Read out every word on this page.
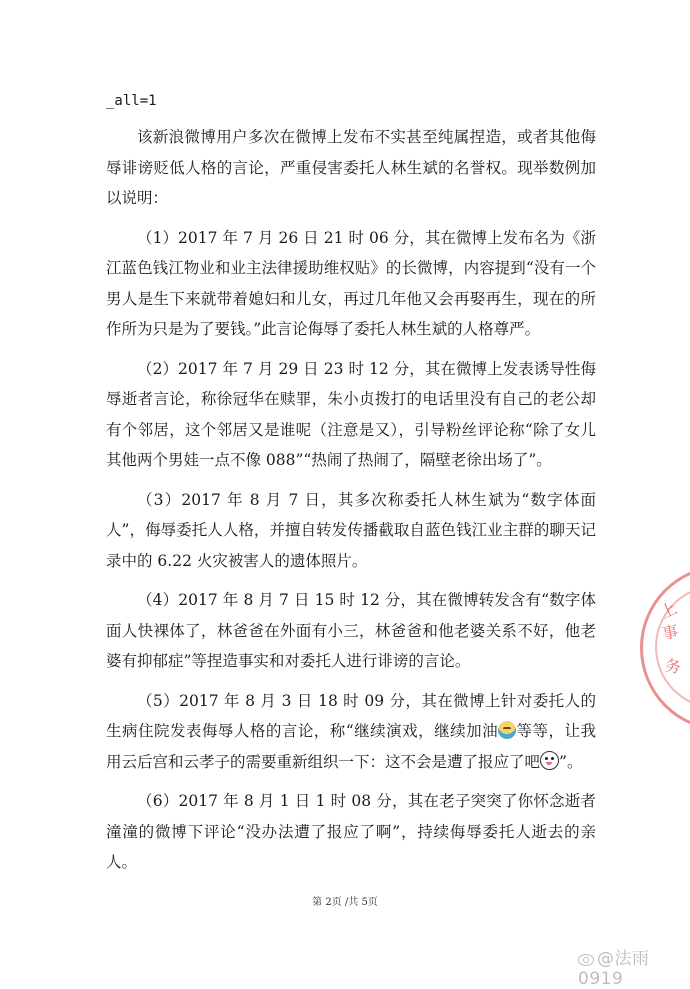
_all=1

该新浪微博用户多次在微博上发布不实甚至纯属捏造，或者其他侮辱诽谤贬低人格的言论，严重侵害委托人林生斌的名誉权。现举数例加以说明：

（1）2017 年 7 月 26 日 21 时 06 分，其在微博上发布名为《浙江蓝色钱江物业和业主法律援助维权贴》的长微博，内容提到“没有一个男人是生下来就带着媳妇和儿女，再过几年他又会再娶再生，现在的所作所为只是为了要钱。”此言论侮辱了委托人林生斌的人格尊严。

（2）2017 年 7 月 29 日 23 时 12 分，其在微博上发表诱导性侮辱逝者言论，称徐冠华在赎罪，朱小贞拨打的电话里没有自己的老公却有个邻居，这个邻居又是谁呢（注意是又），引导粉丝评论称“除了女儿其他两个男娃一点不像 088”“热闹了热闹了，隔壁老徐出场了”。

（3）2017 年 8 月 7 日，其多次称委托人林生斌为“数字体面人”，侮辱委托人人格，并擅自转发传播截取自蓝色钱江业主群的聊天记录中的 6.22 火灾被害人的遗体照片。

（4）2017 年 8 月 7 日 15 时 12 分，其在微博转发含有“数字体面人快裸体了，林爸爸在外面有小三，林爸爸和他老婆关系不好，他老婆有抑郁症”等捏造事实和对委托人进行诽谤的言论。

（5）2017 年 8 月 3 日 18 时 09 分，其在微博上针对委托人的生病住院发表侮辱人格的言论，称“继续演戏，继续加油 等等，让我用云后宫和云孝子的需要重新组织一下：这不会是遭了报应了吧 ”。

（6）2017 年 8 月 1 日 1 时 08 分，其在老子突突了你怀念逝者潼潼的微博下评论“没办法遭了报应了啊”，持续侮辱委托人逝去的亲人。

第 2页 /共 5页
上
事
务
@法雨0919
